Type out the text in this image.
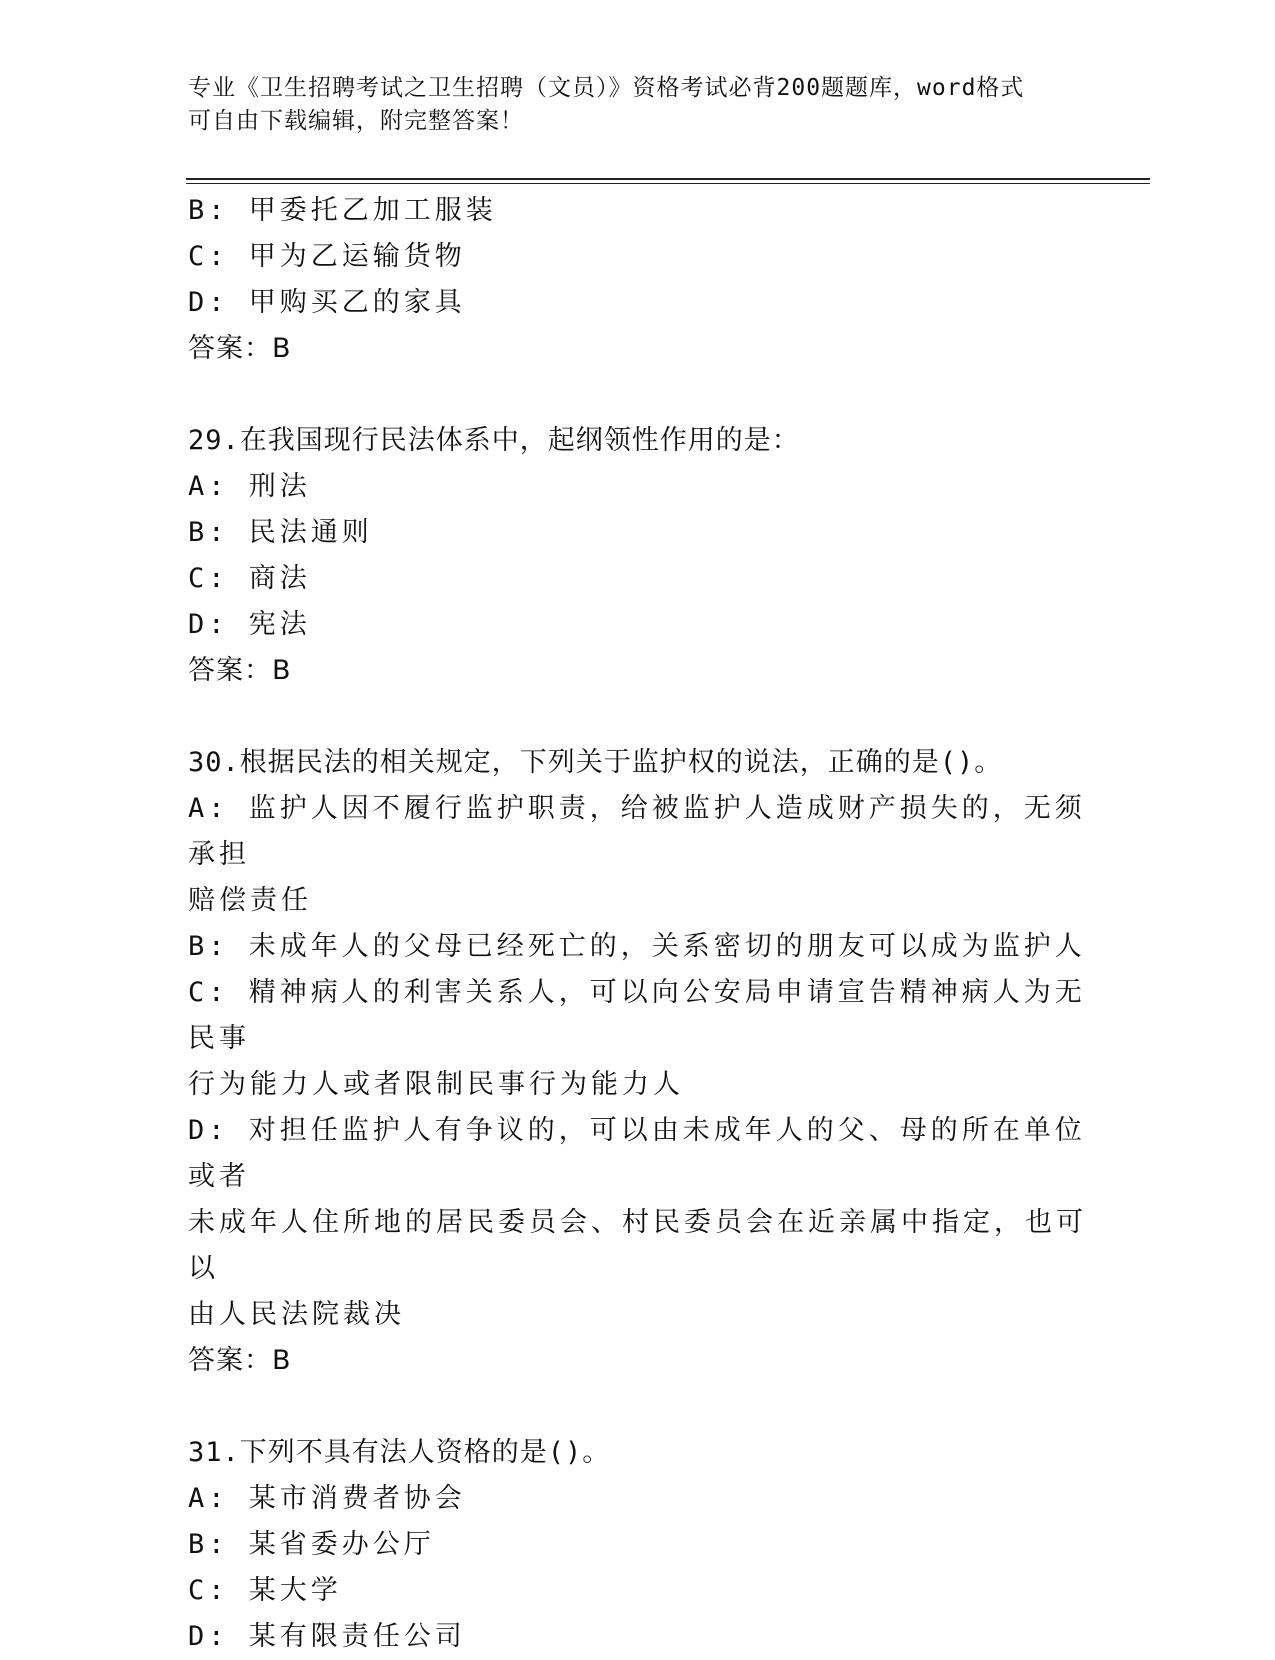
专业《卫生招聘考试之卫生招聘（文员）》资格考试必背200题题库，word格式
可自由下载编辑，附完整答案！
B: 甲委托乙加工服装
C: 甲为乙运输货物
D: 甲购买乙的家具
答案：B
29.在我国现行民法体系中，起纲领性作用的是：
A: 刑法
B: 民法通则
C: 商法
D: 宪法
答案：B
30.根据民法的相关规定，下列关于监护权的说法，正确的是()。
A: 监护人因不履行监护职责，给被监护人造成财产损失的，无须承担
赔偿责任
B: 未成年人的父母已经死亡的，关系密切的朋友可以成为监护人
C: 精神病人的利害关系人，可以向公安局申请宣告精神病人为无民事
行为能力人或者限制民事行为能力人
D: 对担任监护人有争议的，可以由未成年人的父、母的所在单位或者
未成年人住所地的居民委员会、村民委员会在近亲属中指定，也可以
由人民法院裁决
答案：B
31.下列不具有法人资格的是()。
A: 某市消费者协会
B: 某省委办公厅
C: 某大学
D: 某有限责任公司
